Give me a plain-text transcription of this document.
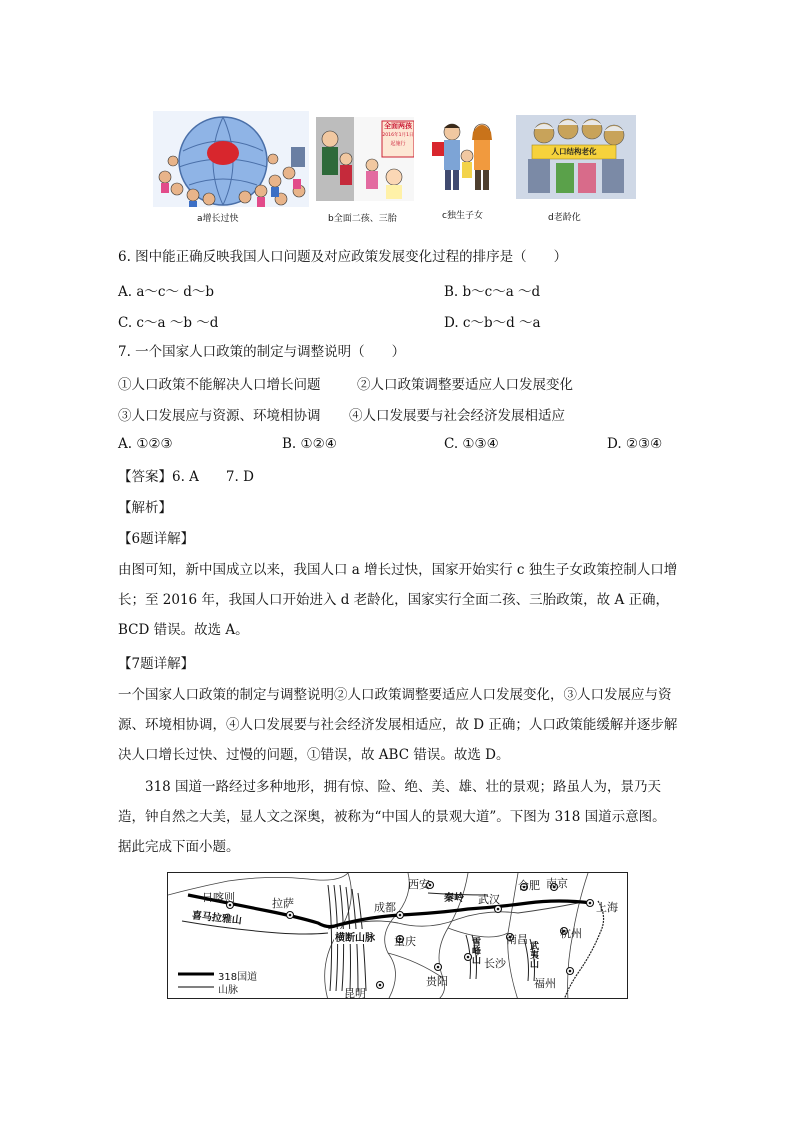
a增长过快
全面两孩
2016年1月1日
起施行
b全面二孩、三胎	c独生子女
人口结构老化
d老龄化
6. 图中能正确反映我国人口问题及对应政策发展变化过程的排序是（　　）
A. a～c～ d～b	B. b～c～a ～d
C. c～a ～b ～d	D. c～b～d ～a
7. 一个国家人口政策的制定与调整说明（　　）
①人口政策不能解决人口增长问题	②人口政策调整要适应人口发展变化
③人口发展应与资源、环境相协调 ④人口发展要与社会经济发展相适应
A. ①②③	B. ①②④	C. ①③④	D. ②③④
【答案】6. A　　7. D
【解析】
【6题详解】
由图可知，新中国成立以来，我国人口 a 增长过快，国家开始实行 c 独生子女政策控制人口增长；至 2016 年，我国人口开始进入 d 老龄化，国家实行全面二孩、三胎政策，故 A 正确，BCD 错误。故选 A。
【7题详解】
一个国家人口政策的制定与调整说明②人口政策调整要适应人口发展变化，③人口发展应与资源、环境相协调，④人口发展要与社会经济发展相适应，故 D 正确；人口政策能缓解并逐步解决人口增长过快、过慢的问题，①错误，故 ABC 错误。故选 D。
318 国道一路经过多种地形，拥有惊、险、绝、美、雄、壮的景观；路虽人为，景乃天造，钟自然之大美，显人文之深奥，被称为“中国人的景观大道”。下图为 318 国道示意图。据此完成下面小题。
日喀则	拉萨
西安
成都
武汉
合肥 南京
上海
重庆	南昌	杭州
长沙
贵阳
昆明
福州
喜马拉雅山
横断山脉
秦岭
雪峰山	武夷山
318国道
山脉
